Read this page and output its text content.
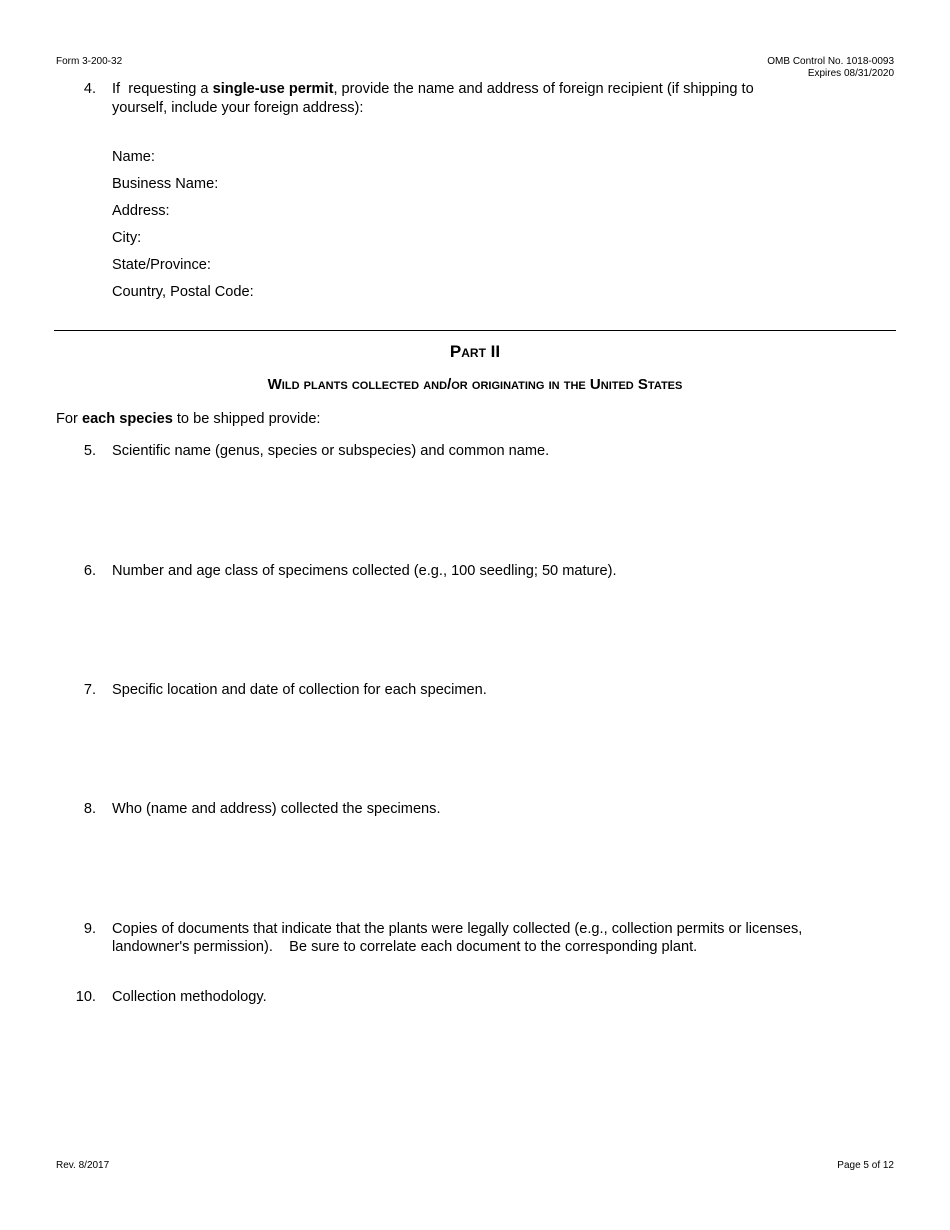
Form 3-200-32	OMB Control No. 1018-0093
Expires 08/31/2020
4. If  requesting a single-use permit, provide the name and address of foreign recipient (if shipping to
yourself, include your foreign address):
Name:
Business Name:
Address:
City:
State/Province:
Country, Postal Code:
Part II
Wild plants collected and/or originating in the United States
For each species to be shipped provide:
5. Scientific name (genus, species or subspecies) and common name.
6. Number and age class of specimens collected (e.g., 100 seedling; 50 mature).
7. Specific location and date of collection for each specimen.
8. Who (name and address) collected the specimens.
9. Copies of documents that indicate that the plants were legally collected (e.g., collection permits or licenses,
landowner's permission).    Be sure to correlate each document to the corresponding plant.
10. Collection methodology.
Rev. 8/2017	Page 5 of 12
